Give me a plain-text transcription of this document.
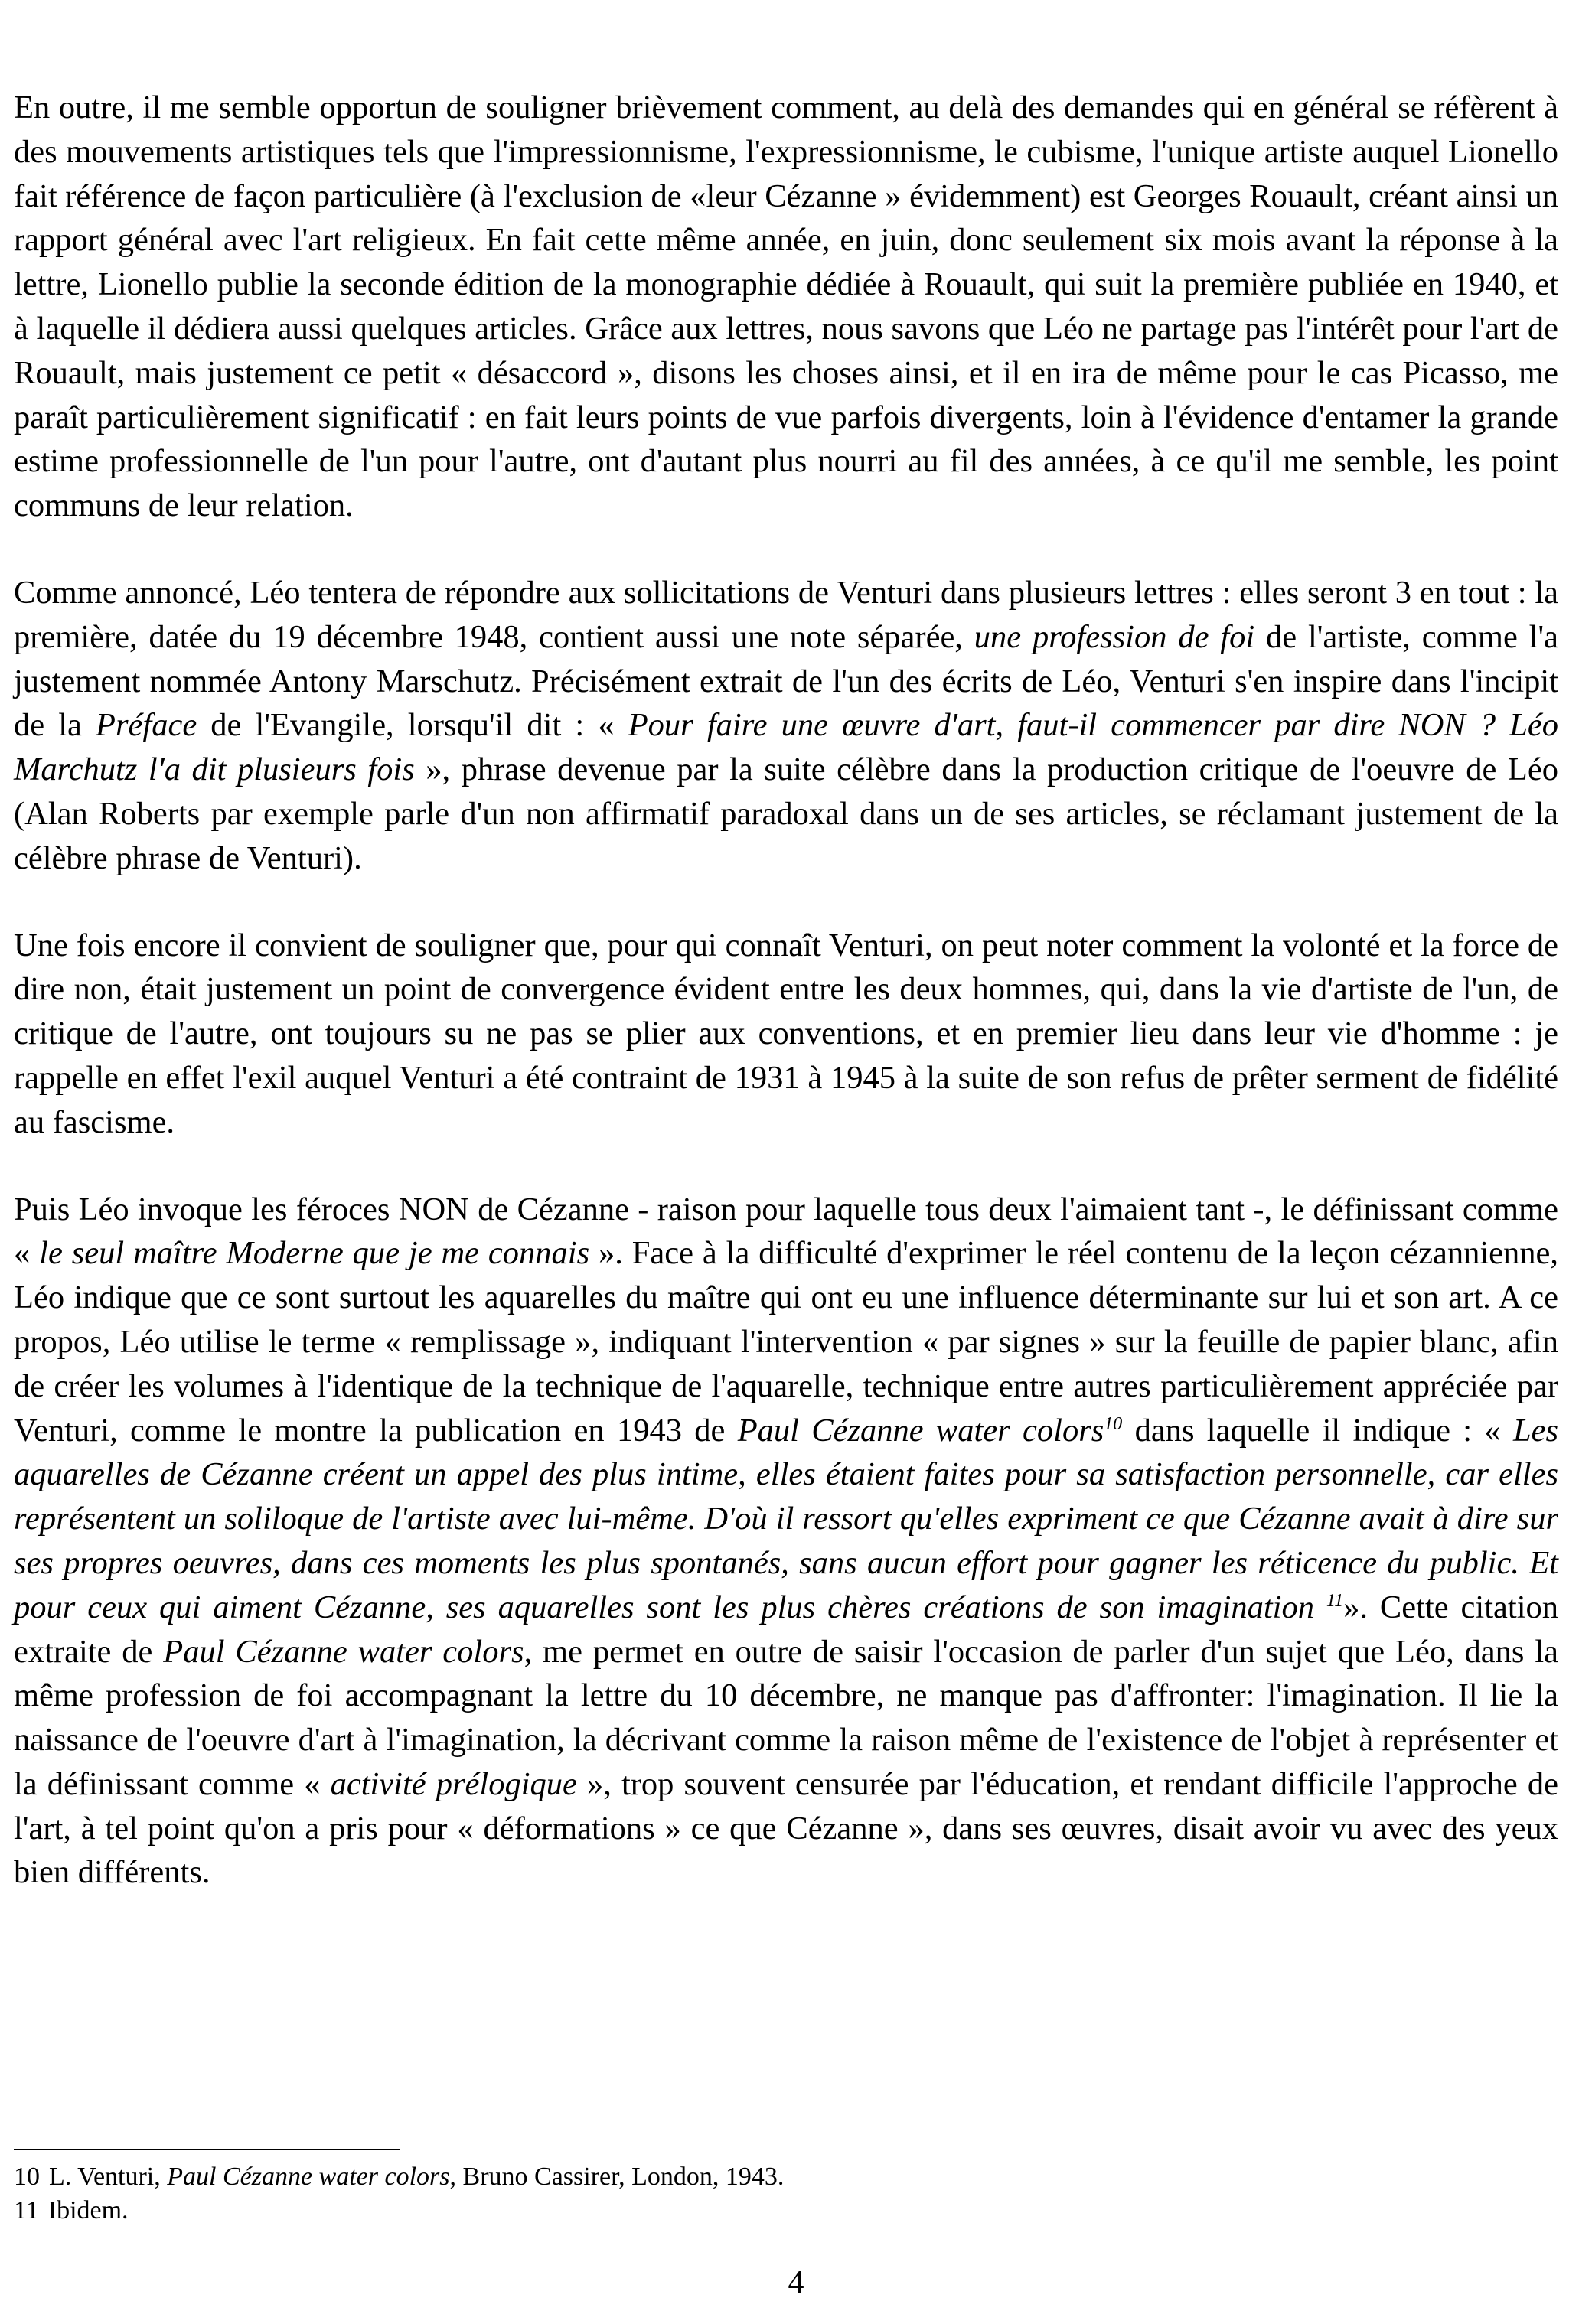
En outre, il me semble opportun de souligner brièvement comment, au delà des demandes qui en général se réfèrent à des mouvements artistiques tels que l'impressionnisme, l'expressionnisme, le cubisme, l'unique artiste auquel Lionello fait référence de façon particulière (à l'exclusion de «leur Cézanne » évidemment) est Georges Rouault, créant ainsi un rapport général avec l'art religieux. En fait cette même année, en juin, donc seulement six mois avant la réponse à la lettre, Lionello publie la seconde édition de la monographie dédiée à Rouault, qui suit la première publiée en 1940, et à laquelle il dédiera aussi quelques articles. Grâce aux lettres, nous savons que Léo ne partage pas l'intérêt pour l'art de Rouault, mais justement ce petit « désaccord », disons les choses ainsi, et il en ira de même pour le cas Picasso, me paraît particulièrement significatif : en fait leurs points de vue parfois divergents, loin à l'évidence d'entamer la grande estime professionnelle de l'un pour l'autre, ont d'autant plus nourri au fil des années, à ce qu'il me semble, les point communs de leur relation.

Comme annoncé, Léo tentera de répondre aux sollicitations de Venturi dans plusieurs lettres : elles seront 3 en tout : la première, datée du 19 décembre 1948, contient aussi une note séparée, une profession de foi de l'artiste, comme l'a justement nommée Antony Marschutz. Précisément extrait de l'un des écrits de Léo, Venturi s'en inspire dans l'incipit de la Préface de l'Evangile, lorsqu'il dit : « Pour faire une œuvre d'art, faut-il commencer par dire NON ? Léo Marchutz l'a dit plusieurs fois », phrase devenue par la suite célèbre dans la production critique de l'oeuvre de Léo (Alan Roberts par exemple parle d'un non affirmatif paradoxal dans un de ses articles, se réclamant justement de la célèbre phrase de Venturi).

Une fois encore il convient de souligner que, pour qui connaît Venturi, on peut noter comment la volonté et la force de dire non, était justement un point de convergence évident entre les deux hommes, qui, dans la vie d'artiste de l'un, de critique de l'autre, ont toujours su ne pas se plier aux conventions, et en premier lieu dans leur vie d'homme : je rappelle en effet l'exil auquel Venturi a été contraint de 1931 à 1945 à la suite de son refus de prêter serment de fidélité au fascisme.

Puis Léo invoque les féroces NON de Cézanne - raison pour laquelle tous deux l'aimaient tant -, le définissant comme « le seul maître Moderne que je me connais ». Face à la difficulté d'exprimer le réel contenu de la leçon cézannienne, Léo indique que ce sont surtout les aquarelles du maître qui ont eu une influence déterminante sur lui et son art. A ce propos, Léo utilise le terme « remplissage », indiquant l'intervention « par signes » sur la feuille de papier blanc, afin de créer les volumes à l'identique de la technique de l'aquarelle, technique entre autres particulièrement appréciée par Venturi, comme le montre la publication en 1943 de Paul Cézanne water colors$^{10}$ dans laquelle il indique : « Les aquarelles de Cézanne créent un appel des plus intime, elles étaient faites pour sa satisfaction personnelle, car elles représentent un soliloque de l'artiste avec lui-même. D'où il ressort qu'elles expriment ce que Cézanne avait à dire sur ses propres oeuvres, dans ces moments les plus spontanés, sans aucun effort pour gagner les réticence du public. Et pour ceux qui aiment Cézanne, ses aquarelles sont les plus chères créations de son imagination $^{11}$». Cette citation extraite de Paul Cézanne water colors, me permet en outre de saisir l'occasion de parler d'un sujet que Léo, dans la même profession de foi accompagnant la lettre du 10 décembre, ne manque pas d'affronter: l'imagination. Il lie la naissance de l'oeuvre d'art à l'imagination, la décrivant comme la raison même de l'existence de l'objet à représenter et la définissant comme « activité prélogique », trop souvent censurée par l'éducation, et rendant difficile l'approche de l'art, à tel point qu'on a pris pour « déformations » ce que Cézanne », dans ses œuvres, disait avoir vu avec des yeux bien différents.

10 L. Venturi, Paul Cézanne water colors, Bruno Cassirer, London, 1943.
11 Ibidem.
4
